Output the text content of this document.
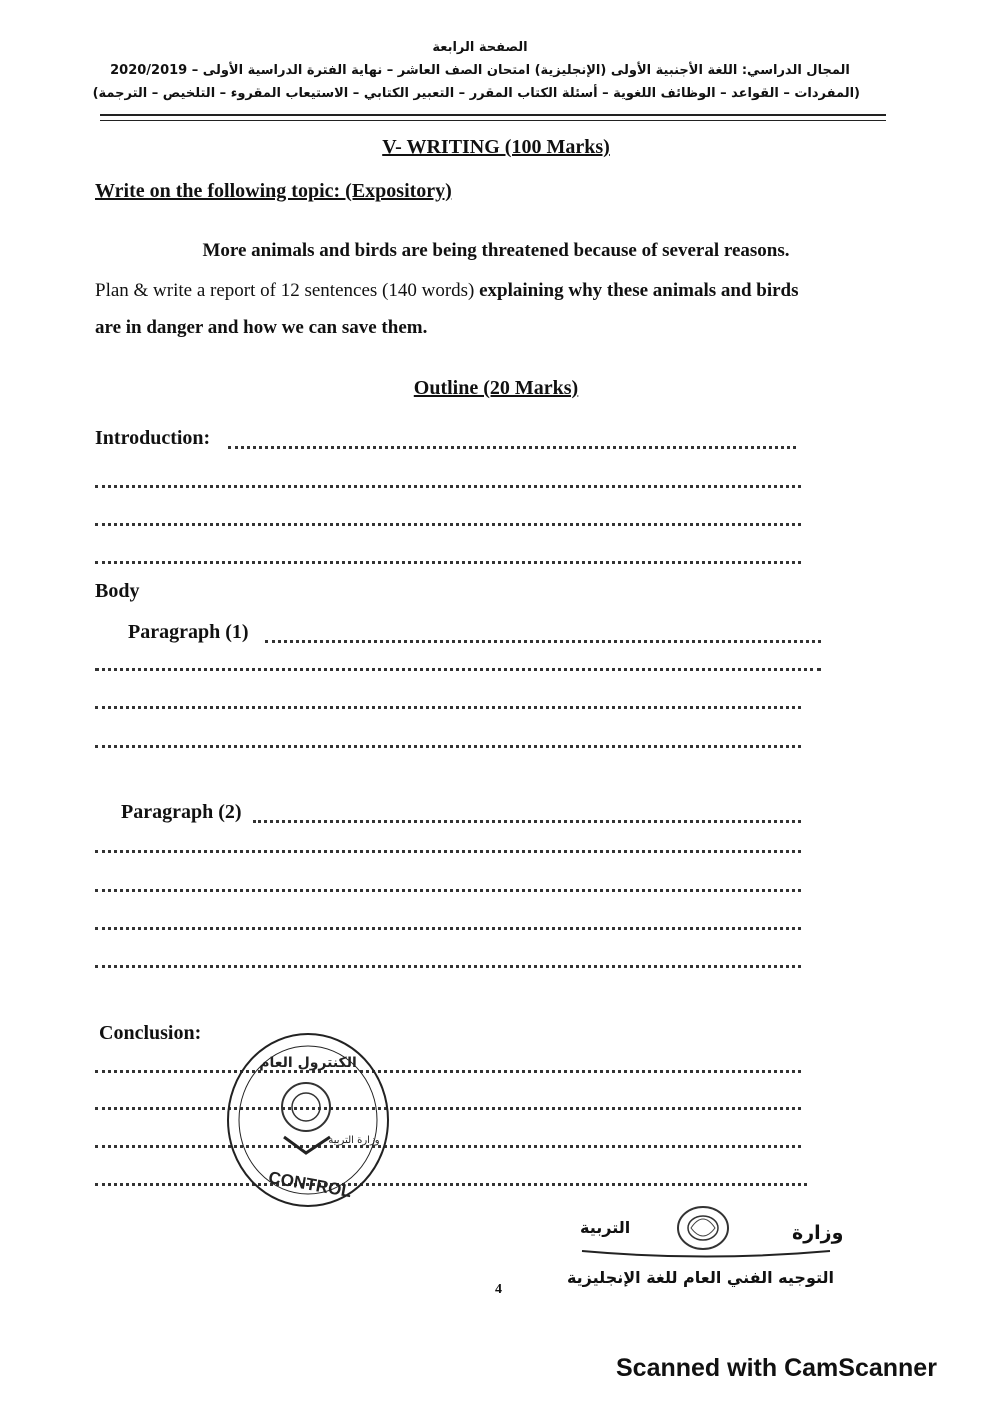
الصفحة الرابعة
المجال الدراسي: اللغة الأجنبية الأولى (الإنجليزية) امتحان الصف العاشر – نهاية الفترة الدراسية الأولى – 2020/2019
(المفردات – القواعد – الوظائف اللغوية – أسئلة الكتاب المقرر – التعبير الكتابي – الاستيعاب المقروء – التلخيص – الترجمة)
V- WRITING (100 Marks)
Write on the following topic: (Expository)
More animals and birds are being threatened because of several reasons.
Plan & write a report of 12 sentences (140 words) explaining why these animals and birds
are in danger and how we can save them.
Outline (20 Marks)
Introduction:
Body
Paragraph (1)
Paragraph (2)
Conclusion:
الكنترول العام
وزارة التربية
CONTROL
وزارة
التربية
التوجيه الفني العام للغة الإنجليزية
4
Scanned with CamScanner
